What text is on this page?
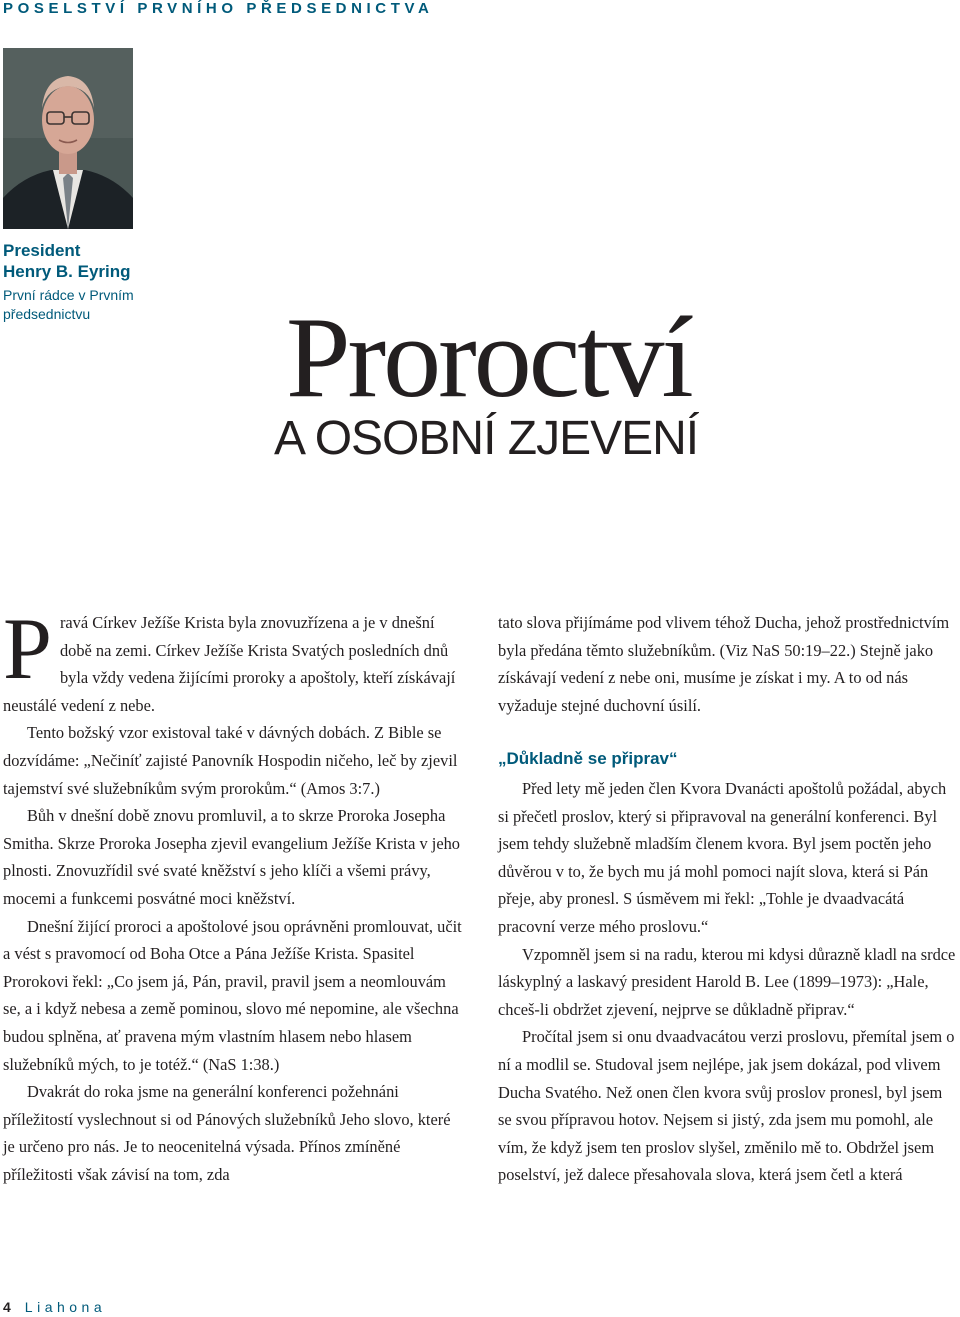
POSELSTVÍ PRVNÍHO PŘEDSEDNICTVA
President
Henry B. Eyring
První rádce v Prvním předsednictvu	Proroctví
A OSOBNÍ ZJEVENÍ

Pravá Církev Ježíše Krista byla znovuzřízena a je v dnešní době na zemi. Církev Ježíše Krista Svatých posledních dnů byla vždy vedena žijícími proroky a apoštoly, kteří získávají neustálé vedení z nebe.

Tento božský vzor existoval také v dávných dobách. Z Bible se dozvídáme: „Nečiníť zajisté Panovník Hospodin ničeho, leč by zjevil tajemství své služebníkům svým prorokům.“ (Amos 3:7.)

Bůh v dnešní době znovu promluvil, a to skrze Proroka Josepha Smitha. Skrze Proroka Josepha zjevil evangelium Ježíše Krista v jeho plnosti. Znovuzřídil své svaté kněžství s jeho klíči a všemi právy, mocemi a funkcemi posvátné moci kněžství.

Dnešní žijící proroci a apoštolové jsou oprávněni promlouvat, učit a vést s pravomocí od Boha Otce a Pána Ježíše Krista. Spasitel Prorokovi řekl: „Co jsem já, Pán, pravil, pravil jsem a neomlouvám se, a i když nebesa a země pominou, slovo mé nepomine, ale všechna budou splněna, ať pravena mým vlastním hlasem nebo hlasem služebníků mých, to je totéž.“ (NaS 1:38.)

Dvakrát do roka jsme na generální konferenci požehnáni příležitostí vyslechnout si od Pánových služebníků Jeho slovo, které je určeno pro nás. Je to neocenitelná výsada. Přínos zmíněné příležitosti však závisí na tom, zda

tato slova přijímáme pod vlivem téhož Ducha, jehož prostřednictvím byla předána těmto služebníkům. (Viz NaS 50:19–22.) Stejně jako získávají vedení z nebe oni, musíme je získat i my. A to od nás vyžaduje stejné duchovní úsilí.

„Důkladně se připrav“

Před lety mě jeden člen Kvora Dvanácti apoštolů požádal, abych si přečetl proslov, který si připravoval na generální konferenci. Byl jsem tehdy služebně mladším členem kvora. Byl jsem poctěn jeho důvěrou v to, že bych mu já mohl pomoci najít slova, která si Pán přeje, aby pronesl. S úsměvem mi řekl: „Tohle je dvaadvacátá pracovní verze mého proslovu.“

Vzpomněl jsem si na radu, kterou mi kdysi důrazně kladl na srdce láskyplný a laskavý president Harold B. Lee (1899–1973): „Hale, chceš-li obdržet zjevení, nejprve se důkladně připrav.“

Pročítal jsem si onu dvaadvacátou verzi proslovu, přemítal jsem o ní a modlil se. Studoval jsem nejlépe, jak jsem dokázal, pod vlivem Ducha Svatého. Než onen člen kvora svůj proslov pronesl, byl jsem se svou přípravou hotov. Nejsem si jistý, zda jsem mu pomohl, ale vím, že když jsem ten proslov slyšel, změnilo mě to. Obdržel jsem poselství, jež dalece přesahovala slova, která jsem četl a která

4 Liahona
